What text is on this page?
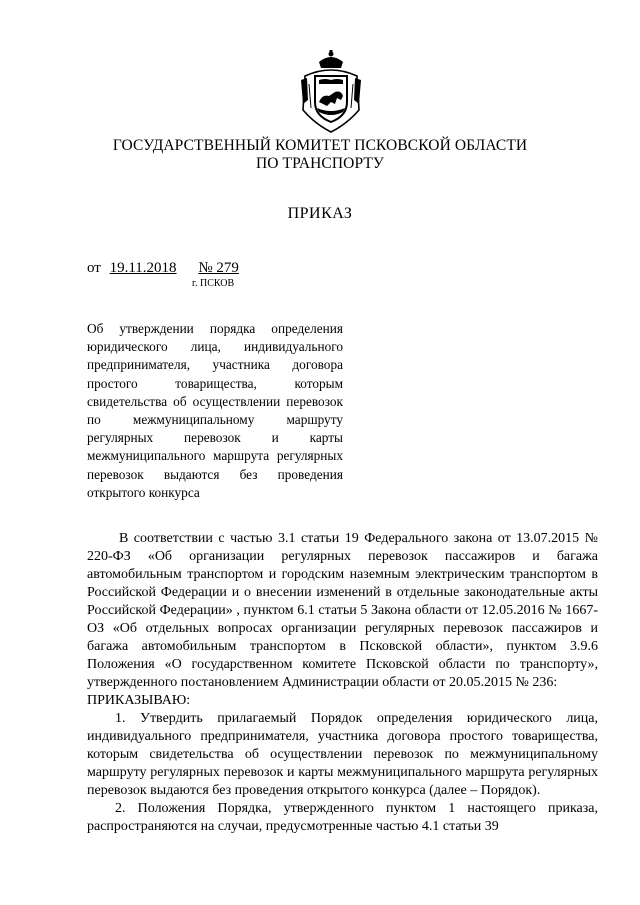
ГОСУДАРСТВЕННЫЙ КОМИТЕТ ПСКОВСКОЙ ОБЛАСТИ
ПО ТРАНСПОРТУ
ПРИКАЗ
от 19.11.2018 № 279
г. ПСКОВ
Об утверждении порядка определения юридического лица, индивидуального предпринимателя, участника договора простого товарищества, которым свидетельства об осуществлении перевозок по межмуниципальному маршруту регулярных перевозок и карты межмуниципального маршрута регулярных перевозок выдаются без проведения открытого конкурса

В соответствии с частью 3.1 статьи 19 Федерального закона от 13.07.2015 № 220-ФЗ «Об организации регулярных перевозок пассажиров и багажа автомобильным транспортом и городским наземным электрическим транспортом в Российской Федерации и о внесении изменений в отдельные законодательные акты Российской Федерации» , пунктом 6.1 статьи 5 Закона области от 12.05.2016 № 1667-ОЗ «Об отдельных вопросах организации регулярных перевозок пассажиров и багажа автомобильным транспортом в Псковской области», пунктом 3.9.6 Положения «О государственном комитете Псковской области по транспорту», утвержденного постановлением Администрации области от 20.05.2015 № 236:

ПРИКАЗЫВАЮ:

1. Утвердить прилагаемый Порядок определения юридического лица, индивидуального предпринимателя, участника договора простого товарищества, которым свидетельства об осуществлении перевозок по межмуниципальному маршруту регулярных перевозок и карты межмуниципального маршрута регулярных перевозок выдаются без проведения открытого конкурса (далее – Порядок).

2. Положения Порядка, утвержденного пунктом 1 настоящего приказа, распространяются на случаи, предусмотренные частью 4.1 статьи 39
